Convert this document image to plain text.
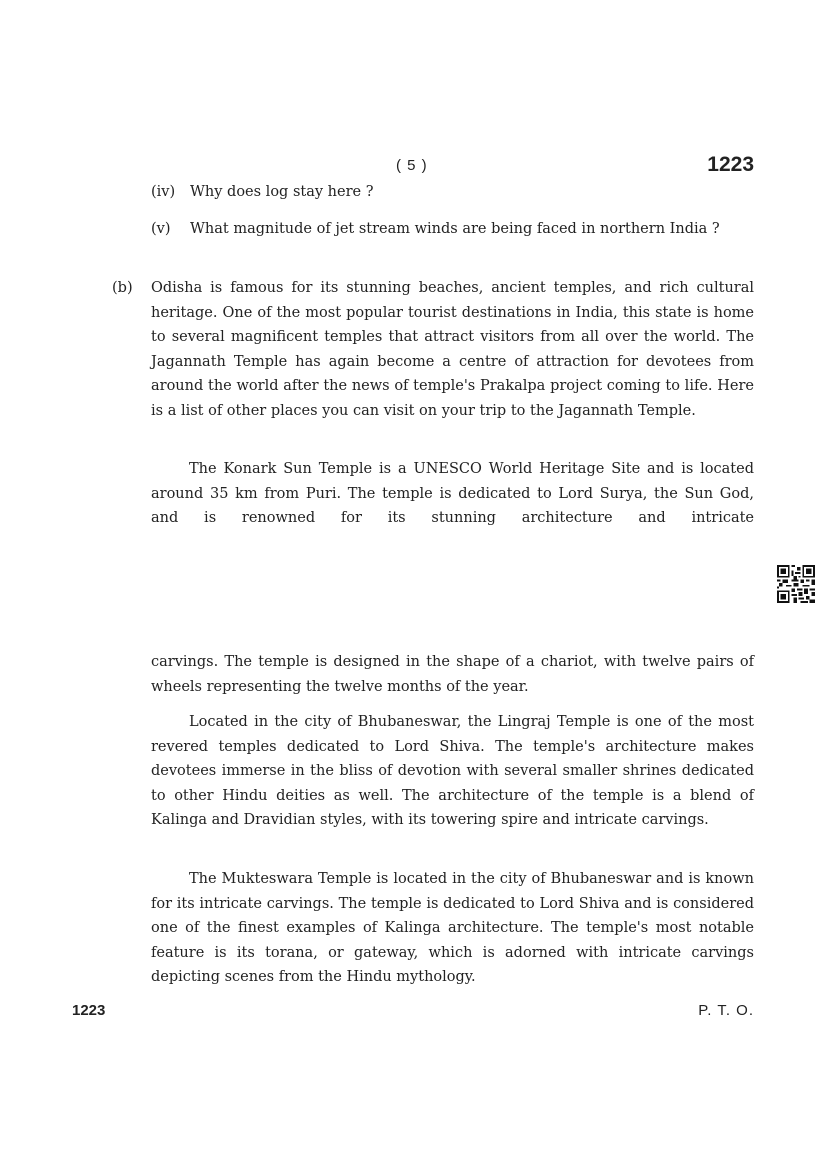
( 5 )	1223
(iv) Why does log stay here ?
(v) What magnitude of jet stream winds are being faced in northern India ?
(b) Odisha is famous for its stunning beaches, ancient temples, and rich cultural heritage. One of the most popular tourist destinations in India, this state is home to several magnificent temples that attract visitors from all over the world. The Jagannath Temple has again become a centre of attraction for devotees from around the world after the news of temple's Prakalpa project coming to life. Here is a list of other places you can visit on your trip to the Jagannath Temple.
The Konark Sun Temple is a UNESCO World Heritage Site and is located around 35 km from Puri. The temple is dedicated to Lord Surya, the Sun God, and is renowned for its stunning architecture and intricate
carvings. The temple is designed in the shape of a chariot, with twelve pairs of wheels representing the twelve months of the year.
Located in the city of Bhubaneswar, the Lingraj Temple is one of the most revered temples dedicated to Lord Shiva. The temple's architecture makes devotees immerse in the bliss of devotion with several smaller shrines dedicated to other Hindu deities as well. The architecture of the temple is a blend of Kalinga and Dravidian styles, with its towering spire and intricate carvings.
The Mukteswara Temple is located in the city of Bhubaneswar and is known for its intricate carvings. The temple is dedicated to Lord Shiva and is considered one of the finest examples of Kalinga architecture. The temple's most notable feature is its torana, or gateway, which is adorned with intricate carvings depicting scenes from the Hindu mythology.
1223	P. T. O.
